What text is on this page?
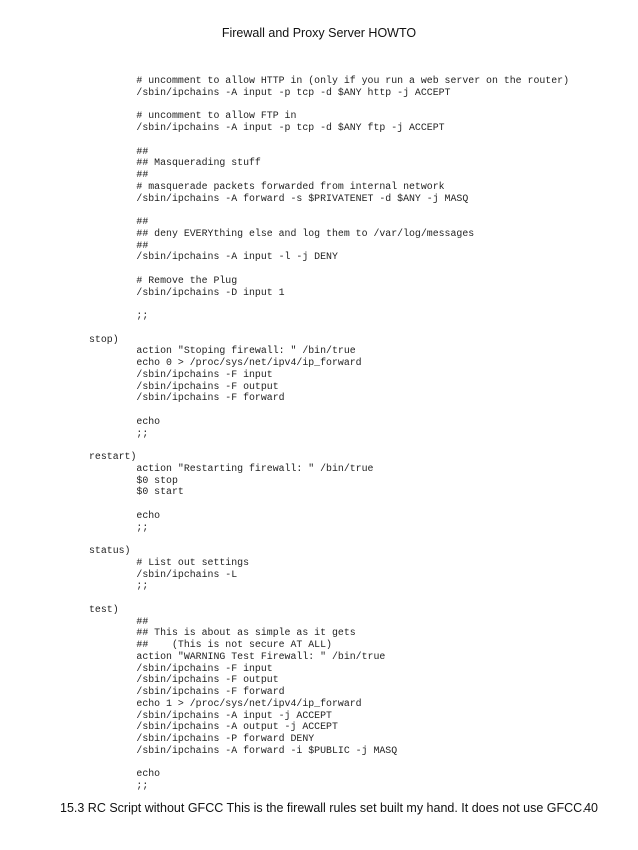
Firewall and Proxy Server HOWTO
# uncomment to allow HTTP in (only if you run a web server on the router)
/sbin/ipchains -A input -p tcp -d $ANY http -j ACCEPT
# uncomment to allow FTP in
/sbin/ipchains -A input -p tcp -d $ANY ftp -j ACCEPT
##
## Masquerading stuff
##
# masquerade packets forwarded from internal network
/sbin/ipchains -A forward -s $PRIVATENET -d $ANY -j MASQ
##
## deny EVERYthing else and log them to /var/log/messages
##
/sbin/ipchains -A input -l -j DENY
# Remove the Plug
/sbin/ipchains -D input 1
;;
stop)
action "Stoping firewall: " /bin/true
echo 0 > /proc/sys/net/ipv4/ip_forward
/sbin/ipchains -F input
/sbin/ipchains -F output
/sbin/ipchains -F forward
echo
;;
restart)
action "Restarting firewall: " /bin/true
$0 stop
$0 start
echo
;;
status)
# List out settings
/sbin/ipchains -L
;;
test)
##
## This is about as simple as it gets
##    (This is not secure AT ALL)
action "WARNING Test Firewall: " /bin/true
/sbin/ipchains -F input
/sbin/ipchains -F output
/sbin/ipchains -F forward
echo 1 > /proc/sys/net/ipv4/ip_forward
/sbin/ipchains -A input -j ACCEPT
/sbin/ipchains -A output -j ACCEPT
/sbin/ipchains -P forward DENY
/sbin/ipchains -A forward -i $PUBLIC -j MASQ
echo
;;
15.3 RC Script without GFCC This is the firewall rules set built my hand. It does not use GFCC.
40
